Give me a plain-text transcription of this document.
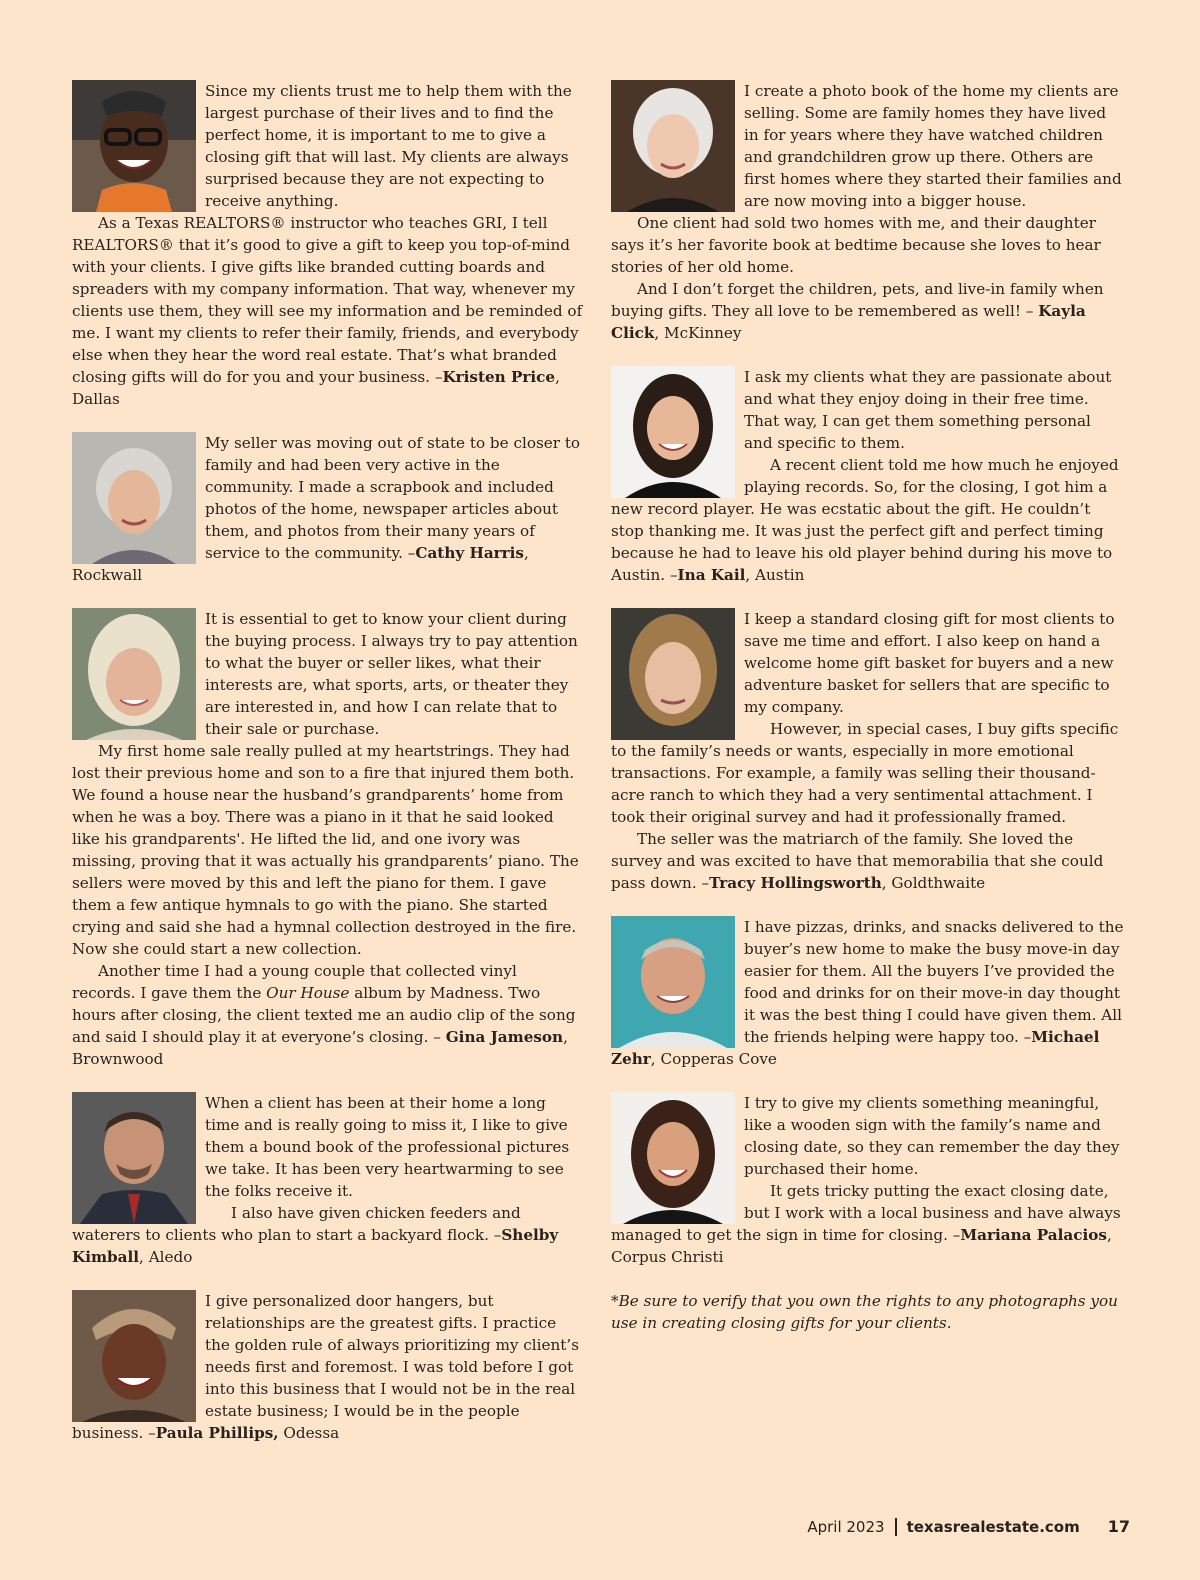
Since my clients trust me to help them with the largest purchase of their lives and to find the perfect home, it is important to me to give a closing gift that will last. My clients are always surprised because they are not expecting to receive anything.

As a Texas REALTORS® instructor who teaches GRI, I tell REALTORS® that it’s good to give a gift to keep you top-of-mind with your clients. I give gifts like branded cutting boards and spreaders with my company information. That way, whenever my clients use them, they will see my information and be reminded of me. I want my clients to refer their family, friends, and everybody else when they hear the word real estate. That’s what branded closing gifts will do for you and your business. –Kristen Price, Dallas

My seller was moving out of state to be closer to family and had been very active in the community. I made a scrapbook and included photos of the home, newspaper articles about them, and photos from their many years of service to the community. –Cathy Harris, Rockwall

It is essential to get to know your client during the buying process. I always try to pay attention to what the buyer or seller likes, what their interests are, what sports, arts, or theater they are interested in, and how I can relate that to their sale or purchase.

My first home sale really pulled at my heartstrings. They had lost their previous home and son to a fire that injured them both. We found a house near the husband’s grandparents’ home from when he was a boy. There was a piano in it that he said looked like his grandparents'. He lifted the lid, and one ivory was missing, proving that it was actually his grandparents’ piano. The sellers were moved by this and left the piano for them. I gave them a few antique hymnals to go with the piano. She started crying and said she had a hymnal collection destroyed in the fire. Now she could start a new collection.

Another time I had a young couple that collected vinyl records. I gave them the Our House album by Madness. Two hours after closing, the client texted me an audio clip of the song and said I should play it at everyone’s closing. – Gina Jameson, Brownwood

When a client has been at their home a long time and is really going to miss it, I like to give them a bound book of the professional pictures we take. It has been very heartwarming to see the folks receive it.

I also have given chicken feeders and waterers to clients who plan to start a backyard flock. –Shelby Kimball, Aledo

I give personalized door hangers, but relationships are the greatest gifts. I practice the golden rule of always prioritizing my client’s needs first and foremost. I was told before I got into this business that I would not be in the real estate business; I would be in the people business. –Paula Phillips, Odessa

I create a photo book of the home my clients are selling. Some are family homes they have lived in for years where they have watched children and grandchildren grow up there. Others are first homes where they started their families and are now moving into a bigger house.

One client had sold two homes with me, and their daughter says it’s her favorite book at bedtime because she loves to hear stories of her old home.

And I don’t forget the children, pets, and live-in family when buying gifts. They all love to be remembered as well! – Kayla Click, McKinney

I ask my clients what they are passionate about and what they enjoy doing in their free time. That way, I can get them something personal and specific to them.

A recent client told me how much he enjoyed playing records. So, for the closing, I got him a new record player. He was ecstatic about the gift. He couldn’t stop thanking me. It was just the perfect gift and perfect timing because he had to leave his old player behind during his move to Austin. –Ina Kail, Austin

I keep a standard closing gift for most clients to save me time and effort. I also keep on hand a welcome home gift basket for buyers and a new adventure basket for sellers that are specific to my company.

However, in special cases, I buy gifts specific to the family’s needs or wants, especially in more emotional transactions. For example, a family was selling their thousand-acre ranch to which they had a very sentimental attachment. I took their original survey and had it professionally framed.

The seller was the matriarch of the family. She loved the survey and was excited to have that memorabilia that she could pass down. –Tracy Hollingsworth, Goldthwaite

I have pizzas, drinks, and snacks delivered to the buyer’s new home to make the busy move-in day easier for them. All the buyers I’ve provided the food and drinks for on their move-in day thought it was the best thing I could have given them. All the friends helping were happy too. –Michael Zehr, Copperas Cove

I try to give my clients something meaningful, like a wooden sign with the family’s name and closing date, so they can remember the day they purchased their home.

It gets tricky putting the exact closing date, but I work with a local business and have always managed to get the sign in time for closing. –Mariana Palacios, Corpus Christi

*Be sure to verify that you own the rights to any photographs you use in creating closing gifts for your clients.
April 2023 texasrealestate.com 17
